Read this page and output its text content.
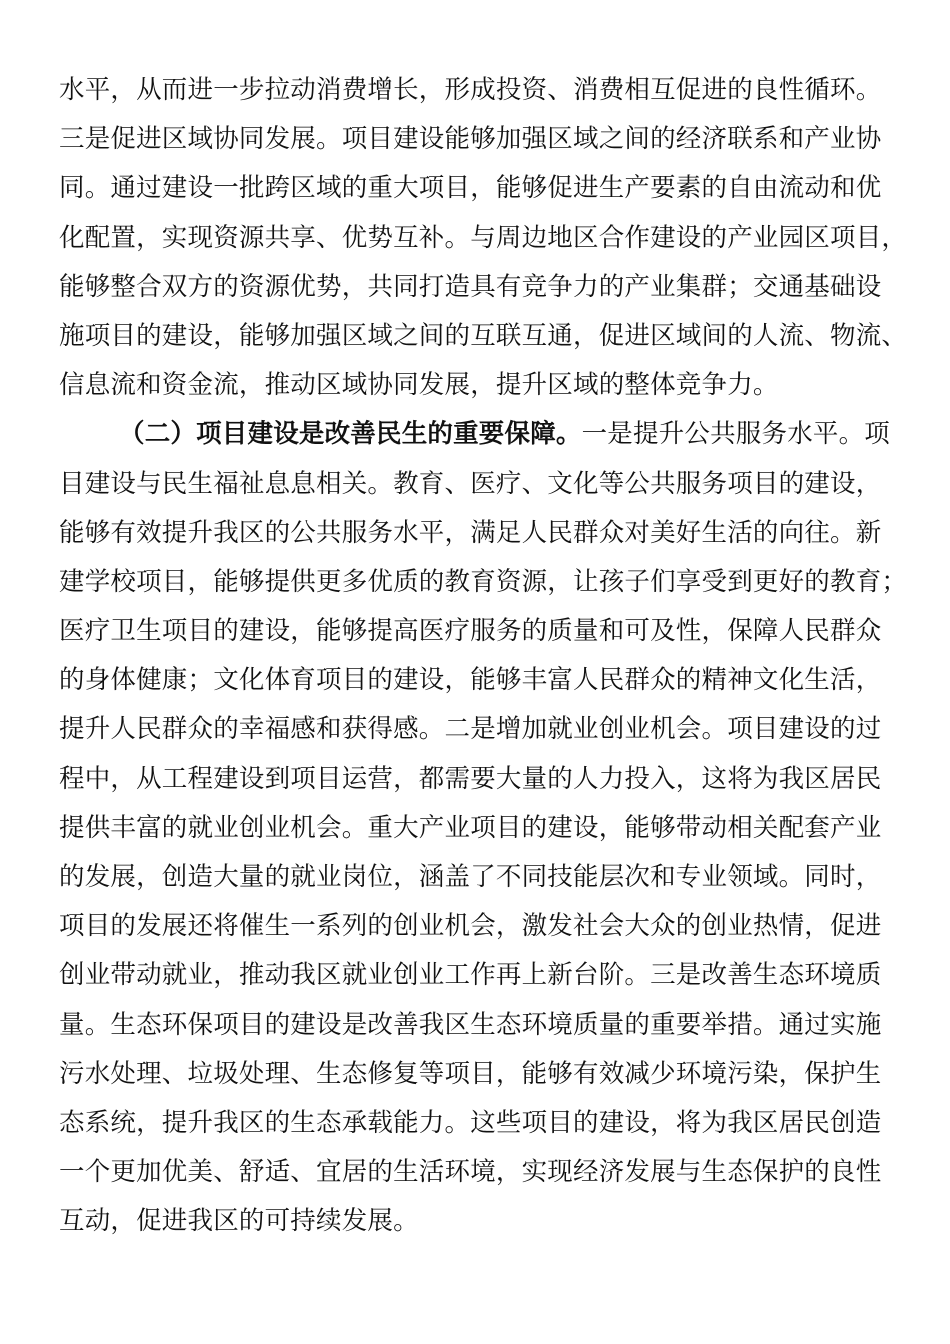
水平，从而进一步拉动消费增长，形成投资、消费相互促进的良性循环。
三是促进区域协同发展。项目建设能够加强区域之间的经济联系和产业协
同。通过建设一批跨区域的重大项目，能够促进生产要素的自由流动和优
化配置，实现资源共享、优势互补。与周边地区合作建设的产业园区项目，
能够整合双方的资源优势，共同打造具有竞争力的产业集群；交通基础设
施项目的建设，能够加强区域之间的互联互通，促进区域间的人流、物流、
信息流和资金流，推动区域协同发展，提升区域的整体竞争力。
（二）项目建设是改善民生的重要保障。一是提升公共服务水平。项
目建设与民生福祉息息相关。教育、医疗、文化等公共服务项目的建设，
能够有效提升我区的公共服务水平，满足人民群众对美好生活的向往。新
建学校项目，能够提供更多优质的教育资源，让孩子们享受到更好的教育；
医疗卫生项目的建设，能够提高医疗服务的质量和可及性，保障人民群众
的身体健康；文化体育项目的建设，能够丰富人民群众的精神文化生活，
提升人民群众的幸福感和获得感。二是增加就业创业机会。项目建设的过
程中，从工程建设到项目运营，都需要大量的人力投入，这将为我区居民
提供丰富的就业创业机会。重大产业项目的建设，能够带动相关配套产业
的发展，创造大量的就业岗位，涵盖了不同技能层次和专业领域。同时，
项目的发展还将催生一系列的创业机会，激发社会大众的创业热情，促进
创业带动就业，推动我区就业创业工作再上新台阶。三是改善生态环境质
量。生态环保项目的建设是改善我区生态环境质量的重要举措。通过实施
污水处理、垃圾处理、生态修复等项目，能够有效减少环境污染，保护生
态系统，提升我区的生态承载能力。这些项目的建设，将为我区居民创造
一个更加优美、舒适、宜居的生活环境，实现经济发展与生态保护的良性
互动，促进我区的可持续发展。
